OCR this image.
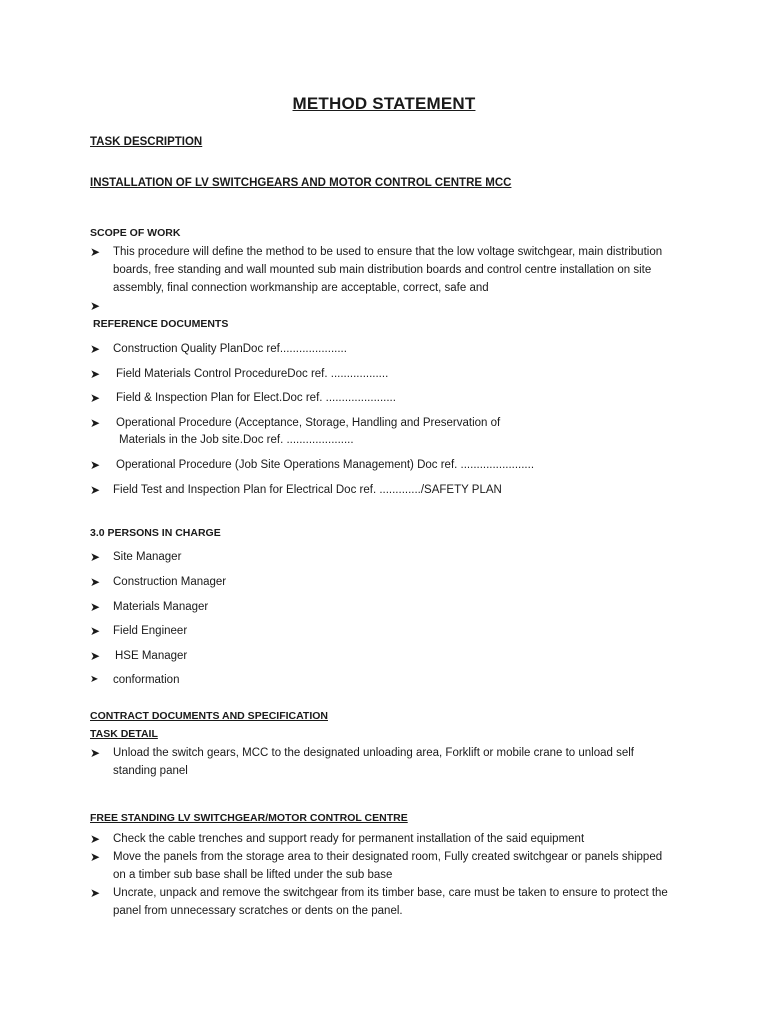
METHOD STATEMENT
TASK DESCRIPTION
INSTALLATION OF LV SWITCHGEARS AND MOTOR CONTROL CENTRE MCC
SCOPE OF WORK
➤ This procedure will define the method to be used to ensure that the low voltage switchgear, main distribution boards, free standing and wall mounted sub main distribution boards and control centre installation on site assembly, final connection workmanship are acceptable, correct, safe and
➤
REFERENCE DOCUMENTS
➤ Construction Quality PlanDoc ref.....................
➤ Field Materials Control ProcedureDoc ref. ..................
➤ Field & Inspection Plan for Elect.Doc ref. ......................
➤ Operational Procedure (Acceptance, Storage, Handling and Preservation of
Materials in the Job site.Doc ref. .....................
➤ Operational Procedure (Job Site Operations Management) Doc ref. .......................
➤ Field Test and Inspection Plan for Electrical Doc ref. ............./SAFETY PLAN
3.0 PERSONS IN CHARGE
➤ Site Manager
➤ Construction Manager
➤ Materials Manager
➤ Field Engineer
➤ HSE Manager
➤ conformation
CONTRACT DOCUMENTS AND SPECIFICATION
TASK DETAIL
➤ Unload the switch gears, MCC to the designated unloading area, Forklift or mobile crane to unload self standing panel
FREE STANDING LV SWITCHGEAR/MOTOR CONTROL CENTRE
➤ Check the cable trenches and support ready for permanent installation of the said equipment
➤ Move the panels from the storage area to their designated room, Fully created switchgear or panels shipped on a timber sub base shall be lifted under the sub base
➤ Uncrate, unpack and remove the switchgear from its timber base, care must be taken to ensure to protect the panel from unnecessary scratches or dents on the panel.
